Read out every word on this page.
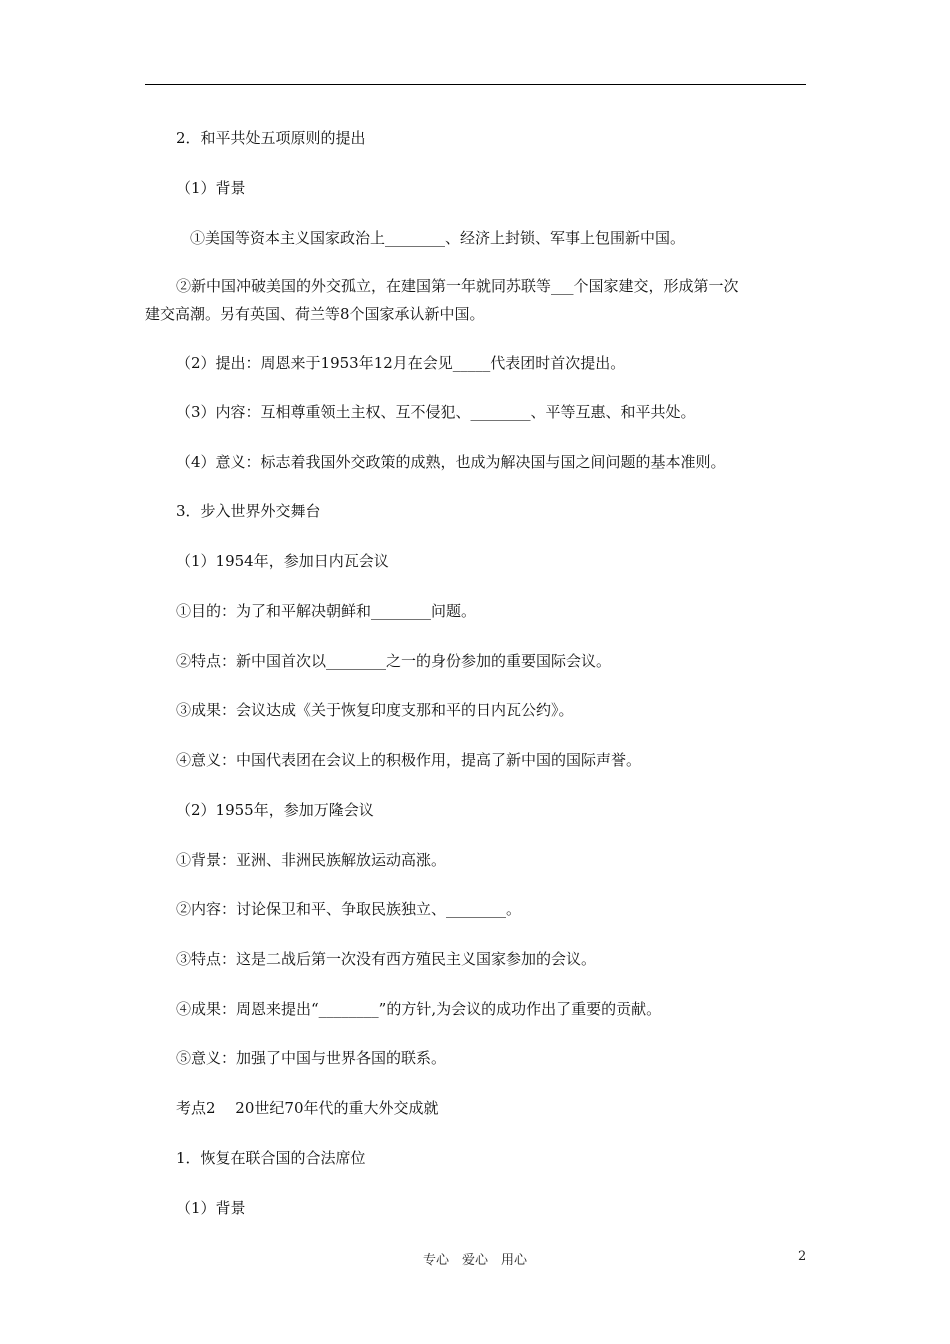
2．和平共处五项原则的提出
（1）背景
①美国等资本主义国家政治上________、经济上封锁、军事上包围新中国。
②新中国冲破美国的外交孤立，在建国第一年就同苏联等___个国家建交，形成第一次
建交高潮。另有英国、荷兰等8个国家承认新中国。
（2）提出：周恩来于1953年12月在会见_____代表团时首次提出。
（3）内容：互相尊重领土主权、互不侵犯、________、平等互惠、和平共处。
（4）意义：标志着我国外交政策的成熟，也成为解决国与国之间问题的基本准则。
3．步入世界外交舞台
（1）1954年，参加日内瓦会议
①目的：为了和平解决朝鲜和________问题。
②特点：新中国首次以________之一的身份参加的重要国际会议。
③成果：会议达成《关于恢复印度支那和平的日内瓦公约》。
④意义：中国代表团在会议上的积极作用，提高了新中国的国际声誉。
（2）1955年，参加万隆会议
①背景：亚洲、非洲民族解放运动高涨。
②内容：讨论保卫和平、争取民族独立、________。
③特点：这是二战后第一次没有西方殖民主义国家参加的会议。
④成果：周恩来提出“________”的方针,为会议的成功作出了重要的贡献。
⑤意义：加强了中国与世界各国的联系。
考点2　 20世纪70年代的重大外交成就
1．恢复在联合国的合法席位
（1）背景
专心　爱心　用心	2
